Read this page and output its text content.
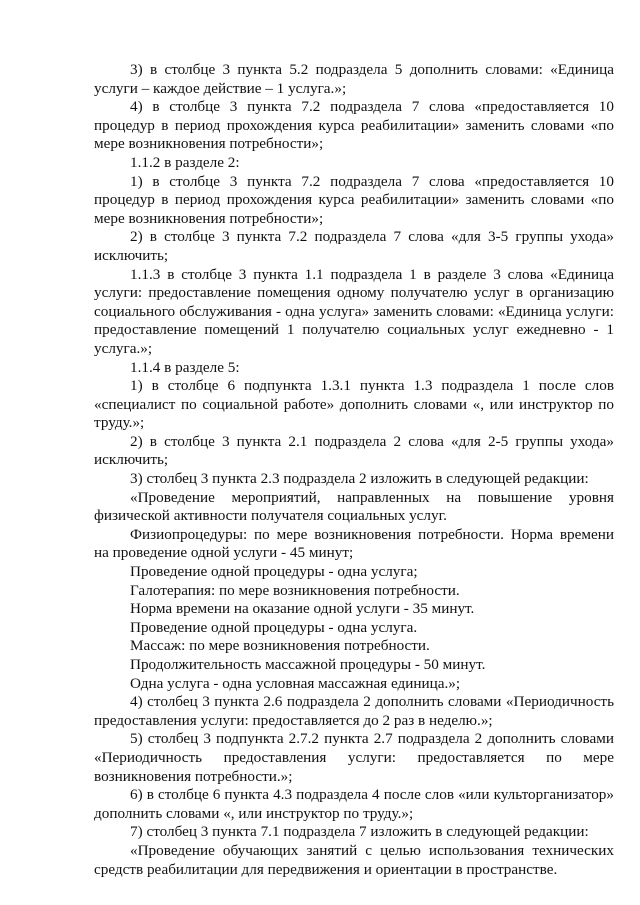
3) в столбце 3 пункта 5.2 подраздела 5 дополнить словами: «Единица услуги – каждое действие – 1 услуга.»;

4) в столбце 3 пункта 7.2 подраздела 7 слова «предоставляется 10 процедур в период прохождения курса реабилитации» заменить словами «по мере возникновения потребности»;

1.1.2 в разделе 2:

1) в столбце 3 пункта 7.2 подраздела 7 слова «предоставляется 10 процедур в период прохождения курса реабилитации» заменить словами «по мере возникновения потребности»;

2) в столбце 3 пункта 7.2 подраздела 7 слова «для 3-5 группы ухода» исключить;

1.1.3 в столбце 3 пункта 1.1 подраздела 1 в разделе 3 слова «Единица услуги: предоставление помещения одному получателю услуг в организацию социального обслуживания - одна услуга» заменить словами: «Единица услуги: предоставление помещений 1 получателю социальных услуг ежедневно - 1 услуга.»;

1.1.4 в разделе 5:

1) в столбце 6 подпункта 1.3.1 пункта 1.3 подраздела 1 после слов «специалист по социальной работе» дополнить словами «, или инструктор по труду.»;

2) в столбце 3 пункта 2.1 подраздела 2 слова «для 2-5 группы ухода» исключить;

3) столбец 3 пункта 2.3 подраздела 2 изложить в следующей редакции:

«Проведение мероприятий, направленных на повышение уровня физической активности получателя социальных услуг.

Физиопроцедуры: по мере возникновения потребности. Норма времени на проведение одной услуги - 45 минут;

Проведение одной процедуры - одна услуга;

Галотерапия: по мере возникновения потребности.

Норма времени на оказание одной услуги - 35 минут.

Проведение одной процедуры - одна услуга.

Массаж: по мере возникновения потребности.

Продолжительность массажной процедуры - 50 минут.

Одна услуга - одна условная массажная единица.»;

4) столбец 3 пункта 2.6 подраздела 2 дополнить словами «Периодичность предоставления услуги: предоставляется до 2 раз в неделю.»;

5) столбец 3 подпункта 2.7.2 пункта 2.7 подраздела 2 дополнить словами «Периодичность предоставления услуги: предоставляется по мере возникновения потребности.»;

6) в столбце 6 пункта 4.3 подраздела 4 после слов «или культорганизатор» дополнить словами «, или инструктор по труду.»;

7) столбец 3 пункта 7.1 подраздела 7 изложить в следующей редакции:

«Проведение обучающих занятий с целью использования технических средств реабилитации для передвижения и ориентации в пространстве.
